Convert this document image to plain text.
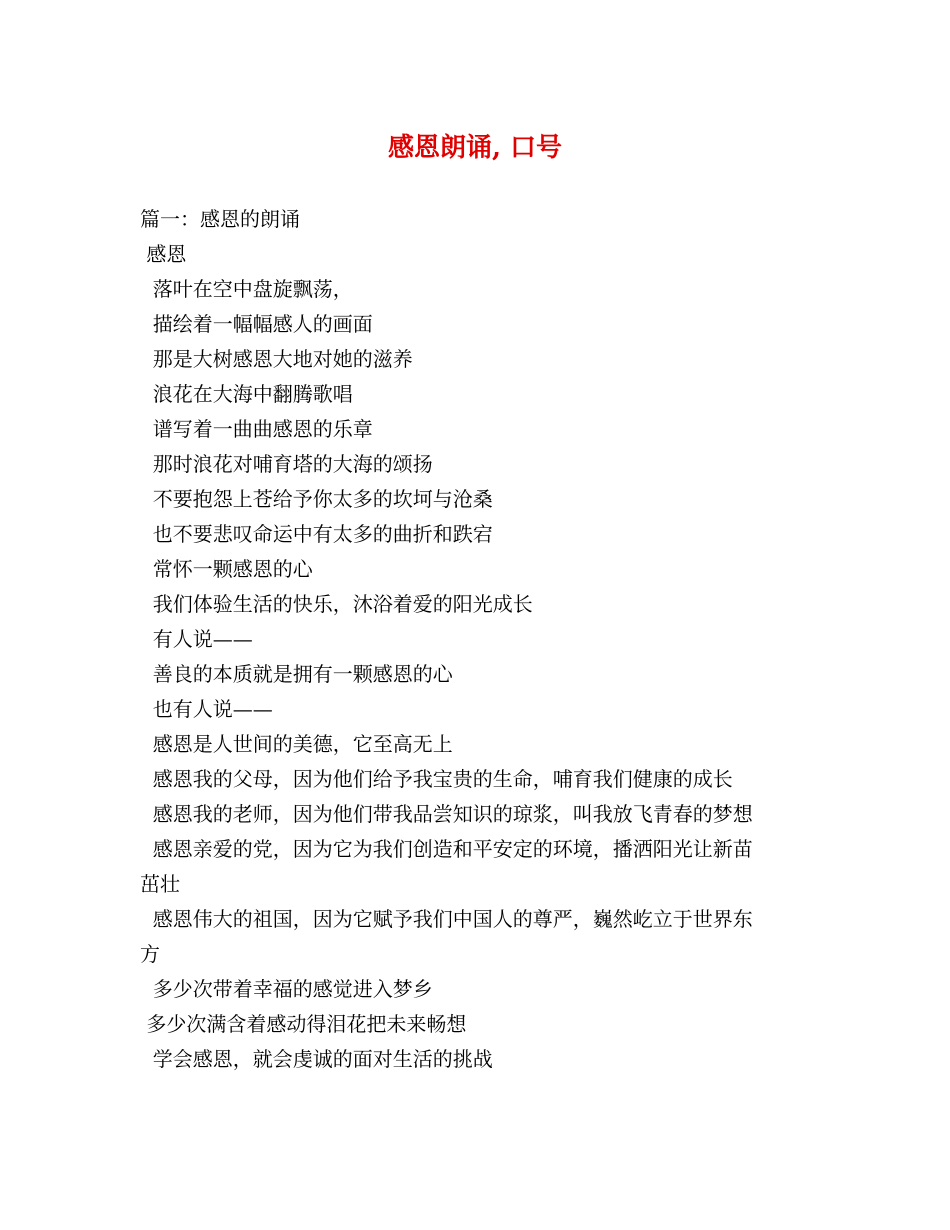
感恩朗诵, 口号
篇一：感恩的朗诵
感恩
落叶在空中盘旋飘荡，
描绘着一幅幅感人的画面
那是大树感恩大地对她的滋养
浪花在大海中翻腾歌唱
谱写着一曲曲感恩的乐章
那时浪花对哺育塔的大海的颂扬
不要抱怨上苍给予你太多的坎坷与沧桑
也不要悲叹命运中有太多的曲折和跌宕
常怀一颗感恩的心
我们体验生活的快乐，沐浴着爱的阳光成长
有人说——
善良的本质就是拥有一颗感恩的心
也有人说——
感恩是人世间的美德，它至高无上
感恩我的父母，因为他们给予我宝贵的生命，哺育我们健康的成长
感恩我的老师，因为他们带我品尝知识的琼浆，叫我放飞青春的梦想
感恩亲爱的党，因为它为我们创造和平安定的环境，播洒阳光让新苗
茁壮
感恩伟大的祖国，因为它赋予我们中国人的尊严，巍然屹立于世界东
方
多少次带着幸福的感觉进入梦乡
多少次满含着感动得泪花把未来畅想
学会感恩，就会虔诚的面对生活的挑战
